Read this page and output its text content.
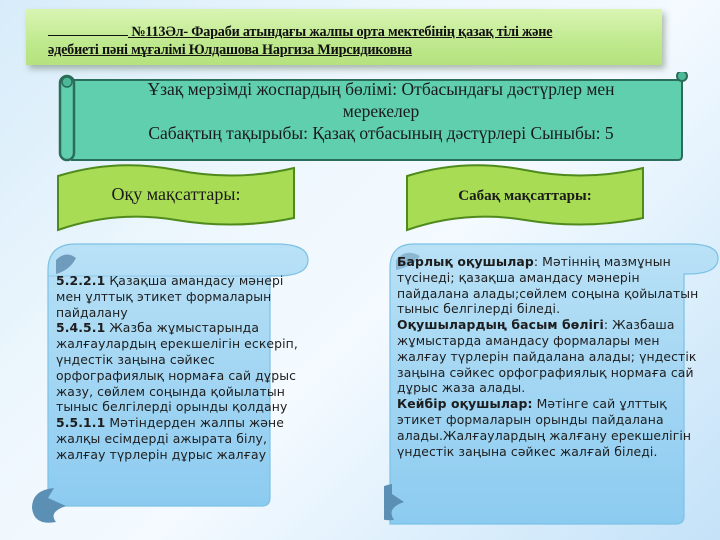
№113Әл- Фараби атындағы жалпы орта мектебінің қазақ тілі және
әдебиеті пәні мұғалімі Юлдашова Наргиза Мирсидиковна
Ұзақ мерзімді жоспардың бөлімі: Отбасындағы дәстүрлер мен
мерекелер
Сабақтың тақырыбы: Қазақ отбасының дәстүрлері Сыныбы: 5
Оқу мақсаттары:	Сабақ мақсаттары:
5.2.2.1 Қазақша амандасу мәнері мен ұлттық этикет формаларын пайдалану
5.4.5.1 Жазба жұмыстарында жалғаулардың ерекшелігін ескеріп, үндестік заңына сәйкес орфографиялық нормаға сай дұрыс жазу, сөйлем соңында қойылатын тыныс белгілерді орынды қолдану
5.5.1.1 Мәтіндерден жалпы және жалқы есімдерді ажырата білу,
жалғау түрлерін дұрыс жалғау
Барлық оқушылар: Мәтіннің мазмұнын түсінеді; қазақша амандасу мәнерін пайдалана алады;сөйлем соңына қойылатын тыныс белгілерді біледі.
Оқушылардың басым бөлігі: Жазбаша жұмыстарда амандасу формалары мен жалғау түрлерін пайдалана алады; үндестік заңына сәйкес орфографиялық нормаға сай дұрыс жаза алады.
Кейбір оқушылар: Мәтінге сай ұлттық этикет формаларын орынды пайдалана алады.Жалғаулардың жалғану ерекшелігін үндестік заңына сәйкес жалғай біледі.
